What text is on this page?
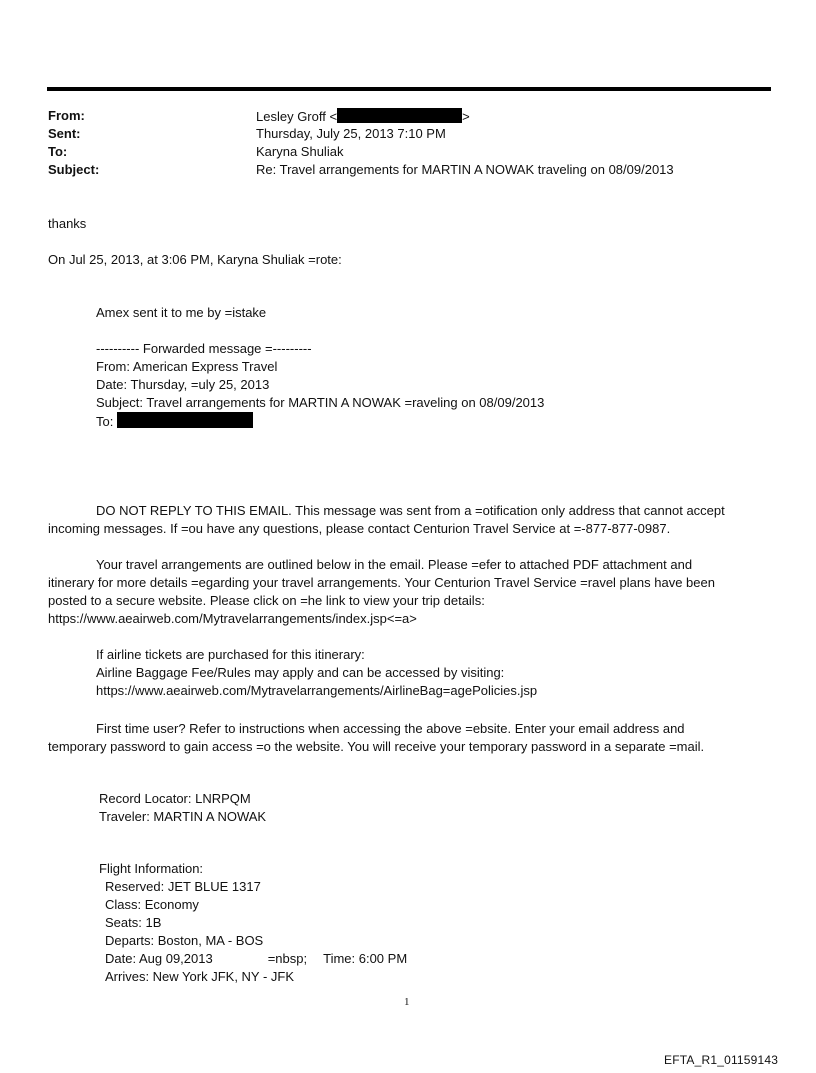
From:	Lesley Groff <	>
Sent:	Thursday, July 25, 2013 7:10 PM
To:	Karyna Shuliak
Subject:	Re: Travel arrangements for MARTIN A NOWAK traveling on 08/09/2013
thanks
On Jul 25, 2013, at 3:06 PM, Karyna Shuliak =rote:
Amex sent it to me by =istake
---------- Forwarded message =---------
From: American Express Travel
Date: Thursday, =uly 25, 2013
Subject: Travel arrangements for MARTIN A NOWAK =raveling on 08/09/2013
To:
DO NOT REPLY TO THIS EMAIL. This message was sent from a =otification only address that cannot accept
incoming messages. If =ou have any questions, please contact Centurion Travel Service at =-877-877-0987.
Your travel arrangements are outlined below in the email. Please =efer to attached PDF attachment and
itinerary for more details =egarding your travel arrangements. Your Centurion Travel Service =ravel plans have been
posted to a secure website. Please click on =he link to view your trip details:
https://www.aeairweb.com/Mytravelarrangements/index.jsp<=a>
If airline tickets are purchased for this itinerary:
Airline Baggage Fee/Rules may apply and can be accessed by visiting:
https://www.aeairweb.com/Mytravelarrangements/AirlineBag=agePolicies.jsp
First time user? Refer to instructions when accessing the above =ebsite. Enter your email address and
temporary password to gain access =o the website. You will receive your temporary password in a separate =mail.
Record Locator: LNRPQM
Traveler: MARTIN A NOWAK
Flight Information:
Reserved: JET BLUE 1317
Class: Economy
Seats: 1B
Departs: Boston, MA - BOS
Date: Aug 09,2013	=nbsp; Time: 6:00 PM
Arrives: New York JFK, NY - JFK
1
EFTA_R1_01159143
